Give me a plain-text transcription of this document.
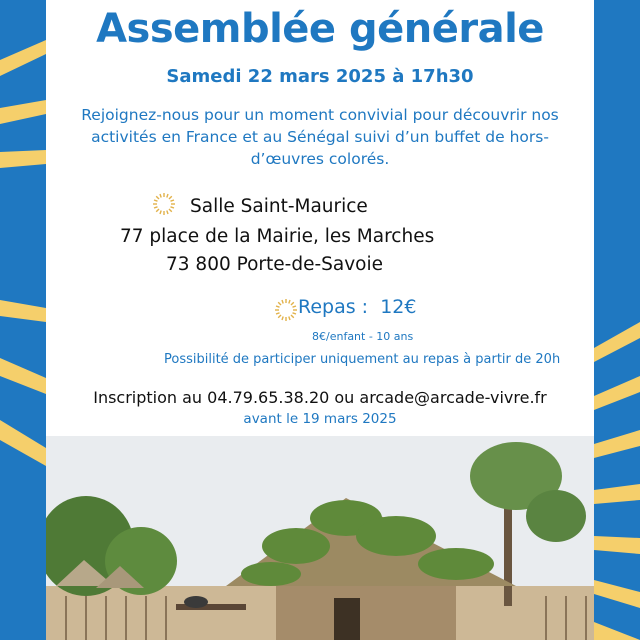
Assemblée générale
Samedi 22 mars 2025 à 17h30
Rejoignez-nous pour un moment convivial pour découvrir nos
activités en France et au Sénégal suivi d’un buffet de hors-
d’œuvres colorés.
Salle Saint-Maurice
77 place de la Mairie, les Marches
73 800 Porte-de-Savoie
Repas : 12€
8€/enfant - 10 ans
Possibilité de participer uniquement au repas à partir de 20h
Inscription au 04.79.65.38.20 ou arcade@arcade-vivre.fr
avant le 19 mars 2025
